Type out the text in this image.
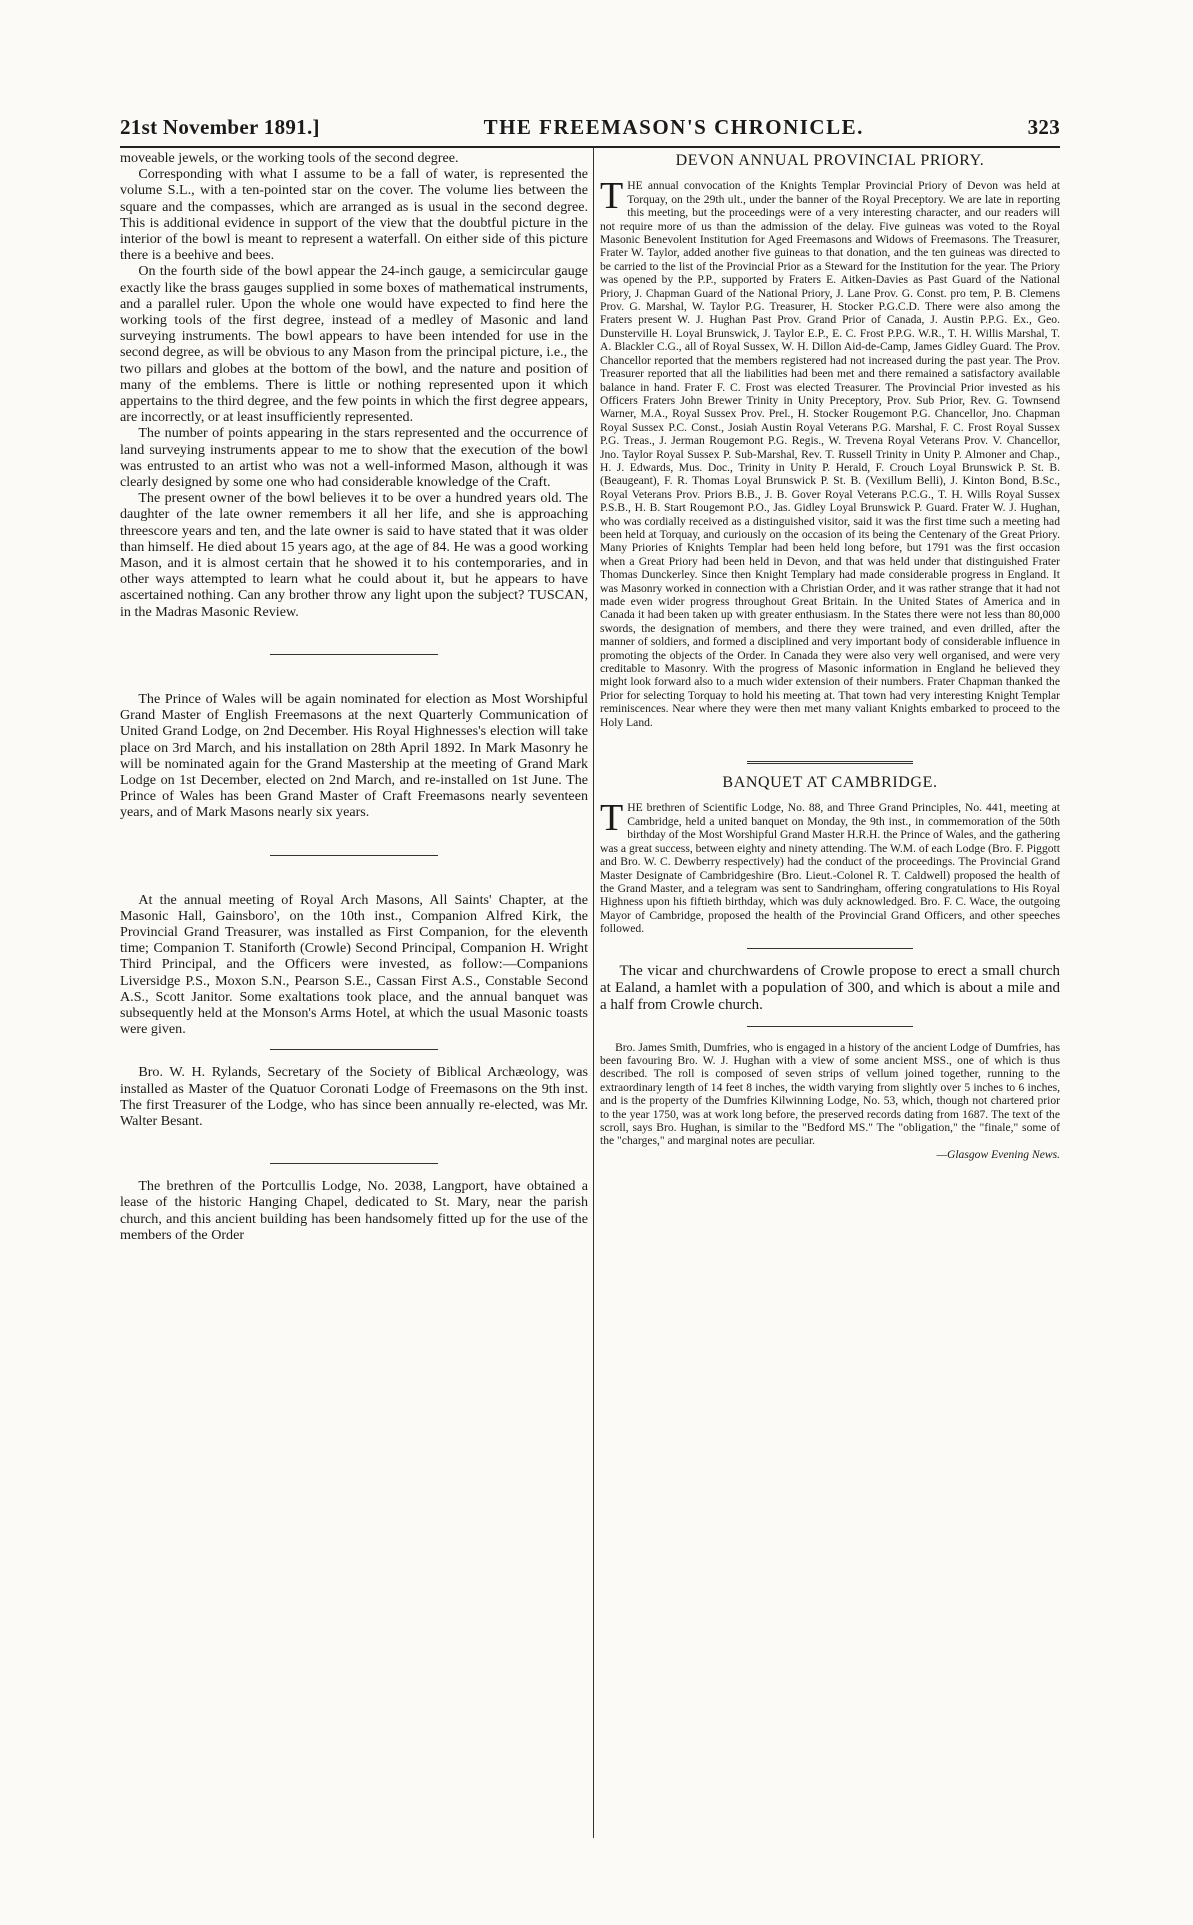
21st November 1891.]	THE FREEMASON'S CHRONICLE.	323

moveable jewels, or the working tools of the second degree.

Corresponding with what I assume to be a fall of water, is represented the volume S.L., with a ten-pointed star on the cover. The volume lies between the square and the compasses, which are arranged as is usual in the second degree. This is additional evidence in support of the view that the doubtful picture in the interior of the bowl is meant to represent a waterfall. On either side of this picture there is a beehive and bees.

On the fourth side of the bowl appear the 24-inch gauge, a semicircular gauge exactly like the brass gauges supplied in some boxes of mathematical instruments, and a parallel ruler. Upon the whole one would have expected to find here the working tools of the first degree, instead of a medley of Masonic and land surveying instruments. The bowl appears to have been intended for use in the second degree, as will be obvious to any Mason from the principal picture, i.e., the two pillars and globes at the bottom of the bowl, and the nature and position of many of the emblems. There is little or nothing represented upon it which appertains to the third degree, and the few points in which the first degree appears, are incorrectly, or at least insufficiently represented.

The number of points appearing in the stars represented and the occurrence of land surveying instruments appear to me to show that the execution of the bowl was entrusted to an artist who was not a well-informed Mason, although it was clearly designed by some one who had considerable knowledge of the Craft.

The present owner of the bowl believes it to be over a hundred years old. The daughter of the late owner remembers it all her life, and she is approaching threescore years and ten, and the late owner is said to have stated that it was older than himself. He died about 15 years ago, at the age of 84. He was a good working Mason, and it is almost certain that he showed it to his contemporaries, and in other ways attempted to learn what he could about it, but he appears to have ascertained nothing. Can any brother throw any light upon the subject? TUSCAN, in the Madras Masonic Review.

The Prince of Wales will be again nominated for election as Most Worshipful Grand Master of English Freemasons at the next Quarterly Communication of United Grand Lodge, on 2nd December. His Royal Highnesses's election will take place on 3rd March, and his installation on 28th April 1892. In Mark Masonry he will be nominated again for the Grand Mastership at the meeting of Grand Mark Lodge on 1st December, elected on 2nd March, and re-installed on 1st June. The Prince of Wales has been Grand Master of Craft Freemasons nearly seventeen years, and of Mark Masons nearly six years.

At the annual meeting of Royal Arch Masons, All Saints' Chapter, at the Masonic Hall, Gainsboro', on the 10th inst., Companion Alfred Kirk, the Provincial Grand Treasurer, was installed as First Companion, for the eleventh time; Companion T. Staniforth (Crowle) Second Principal, Companion H. Wright Third Principal, and the Officers were invested, as follow:—Companions Liversidge P.S., Moxon S.N., Pearson S.E., Cassan First A.S., Constable Second A.S., Scott Janitor. Some exaltations took place, and the annual banquet was subsequently held at the Monson's Arms Hotel, at which the usual Masonic toasts were given.

Bro. W. H. Rylands, Secretary of the Society of Biblical Archæology, was installed as Master of the Quatuor Coronati Lodge of Freemasons on the 9th inst. The first Treasurer of the Lodge, who has since been annually re-elected, was Mr. Walter Besant.

The brethren of the Portcullis Lodge, No. 2038, Langport, have obtained a lease of the historic Hanging Chapel, dedicated to St. Mary, near the parish church, and this ancient building has been handsomely fitted up for the use of the members of the Order

DEVON ANNUAL PROVINCIAL PRIORY.

THE annual convocation of the Knights Templar Provincial Priory of Devon was held at Torquay, on the 29th ult., under the banner of the Royal Preceptory. We are late in reporting this meeting, but the proceedings were of a very interesting character, and our readers will not require more of us than the admission of the delay. Five guineas was voted to the Royal Masonic Benevolent Institution for Aged Freemasons and Widows of Freemasons. The Treasurer, Frater W. Taylor, added another five guineas to that donation, and the ten guineas was directed to be carried to the list of the Provincial Prior as a Steward for the Institution for the year. The Priory was opened by the P.P., supported by Fraters E. Aitken-Davies as Past Guard of the National Priory, J. Chapman Guard of the National Priory, J. Lane Prov. G. Const. pro tem, P. B. Clemens Prov. G. Marshal, W. Taylor P.G. Treasurer, H. Stocker P.G.C.D. There were also among the Fraters present W. J. Hughan Past Prov. Grand Prior of Canada, J. Austin P.P.G. Ex., Geo. Dunsterville H. Loyal Brunswick, J. Taylor E.P., E. C. Frost P.P.G. W.R., T. H. Willis Marshal, T. A. Blackler C.G., all of Royal Sussex, W. H. Dillon Aid-de-Camp, James Gidley Guard. The Prov. Chancellor reported that the members registered had not increased during the past year. The Prov. Treasurer reported that all the liabilities had been met and there remained a satisfactory available balance in hand. Frater F. C. Frost was elected Treasurer. The Provincial Prior invested as his Officers Fraters John Brewer Trinity in Unity Preceptory, Prov. Sub Prior, Rev. G. Townsend Warner, M.A., Royal Sussex Prov. Prel., H. Stocker Rougemont P.G. Chancellor, Jno. Chapman Royal Sussex P.C. Const., Josiah Austin Royal Veterans P.G. Marshal, F. C. Frost Royal Sussex P.G. Treas., J. Jerman Rougemont P.G. Regis., W. Trevena Royal Veterans Prov. V. Chancellor, Jno. Taylor Royal Sussex P. Sub-Marshal, Rev. T. Russell Trinity in Unity P. Almoner and Chap., H. J. Edwards, Mus. Doc., Trinity in Unity P. Herald, F. Crouch Loyal Brunswick P. St. B. (Beaugeant), F. R. Thomas Loyal Brunswick P. St. B. (Vexillum Belli), J. Kinton Bond, B.Sc., Royal Veterans Prov. Priors B.B., J. B. Gover Royal Veterans P.C.G., T. H. Wills Royal Sussex P.S.B., H. B. Start Rougemont P.O., Jas. Gidley Loyal Brunswick P. Guard. Frater W. J. Hughan, who was cordially received as a distinguished visitor, said it was the first time such a meeting had been held at Torquay, and curiously on the occasion of its being the Centenary of the Great Priory. Many Priories of Knights Templar had been held long before, but 1791 was the first occasion when a Great Priory had been held in Devon, and that was held under that distinguished Frater Thomas Dunckerley. Since then Knight Templary had made considerable progress in England. It was Masonry worked in connection with a Christian Order, and it was rather strange that it had not made even wider progress throughout Great Britain. In the United States of America and in Canada it had been taken up with greater enthusiasm. In the States there were not less than 80,000 swords, the designation of members, and there they were trained, and even drilled, after the manner of soldiers, and formed a disciplined and very important body of considerable influence in promoting the objects of the Order. In Canada they were also very well organised, and were very creditable to Masonry. With the progress of Masonic information in England he believed they might look forward also to a much wider extension of their numbers. Frater Chapman thanked the Prior for selecting Torquay to hold his meeting at. That town had very interesting Knight Templar reminiscences. Near where they were then met many valiant Knights embarked to proceed to the Holy Land.

BANQUET AT CAMBRIDGE.

THE brethren of Scientific Lodge, No. 88, and Three Grand Principles, No. 441, meeting at Cambridge, held a united banquet on Monday, the 9th inst., in commemoration of the 50th birthday of the Most Worshipful Grand Master H.R.H. the Prince of Wales, and the gathering was a great success, between eighty and ninety attending. The W.M. of each Lodge (Bro. F. Piggott and Bro. W. C. Dewberry respectively) had the conduct of the proceedings. The Provincial Grand Master Designate of Cambridgeshire (Bro. Lieut.-Colonel R. T. Caldwell) proposed the health of the Grand Master, and a telegram was sent to Sandringham, offering congratulations to His Royal Highness upon his fiftieth birthday, which was duly acknowledged. Bro. F. C. Wace, the outgoing Mayor of Cambridge, proposed the health of the Provincial Grand Officers, and other speeches followed.

The vicar and churchwardens of Crowle propose to erect a small church at Ealand, a hamlet with a population of 300, and which is about a mile and a half from Crowle church.

Bro. James Smith, Dumfries, who is engaged in a history of the ancient Lodge of Dumfries, has been favouring Bro. W. J. Hughan with a view of some ancient MSS., one of which is thus described. The roll is composed of seven strips of vellum joined together, running to the extraordinary length of 14 feet 8 inches, the width varying from slightly over 5 inches to 6 inches, and is the property of the Dumfries Kilwinning Lodge, No. 53, which, though not chartered prior to the year 1750, was at work long before, the preserved records dating from 1687. The text of the scroll, says Bro. Hughan, is similar to the "Bedford MS." The "obligation," the "finale," some of the "charges," and marginal notes are peculiar.

—Glasgow Evening News.
